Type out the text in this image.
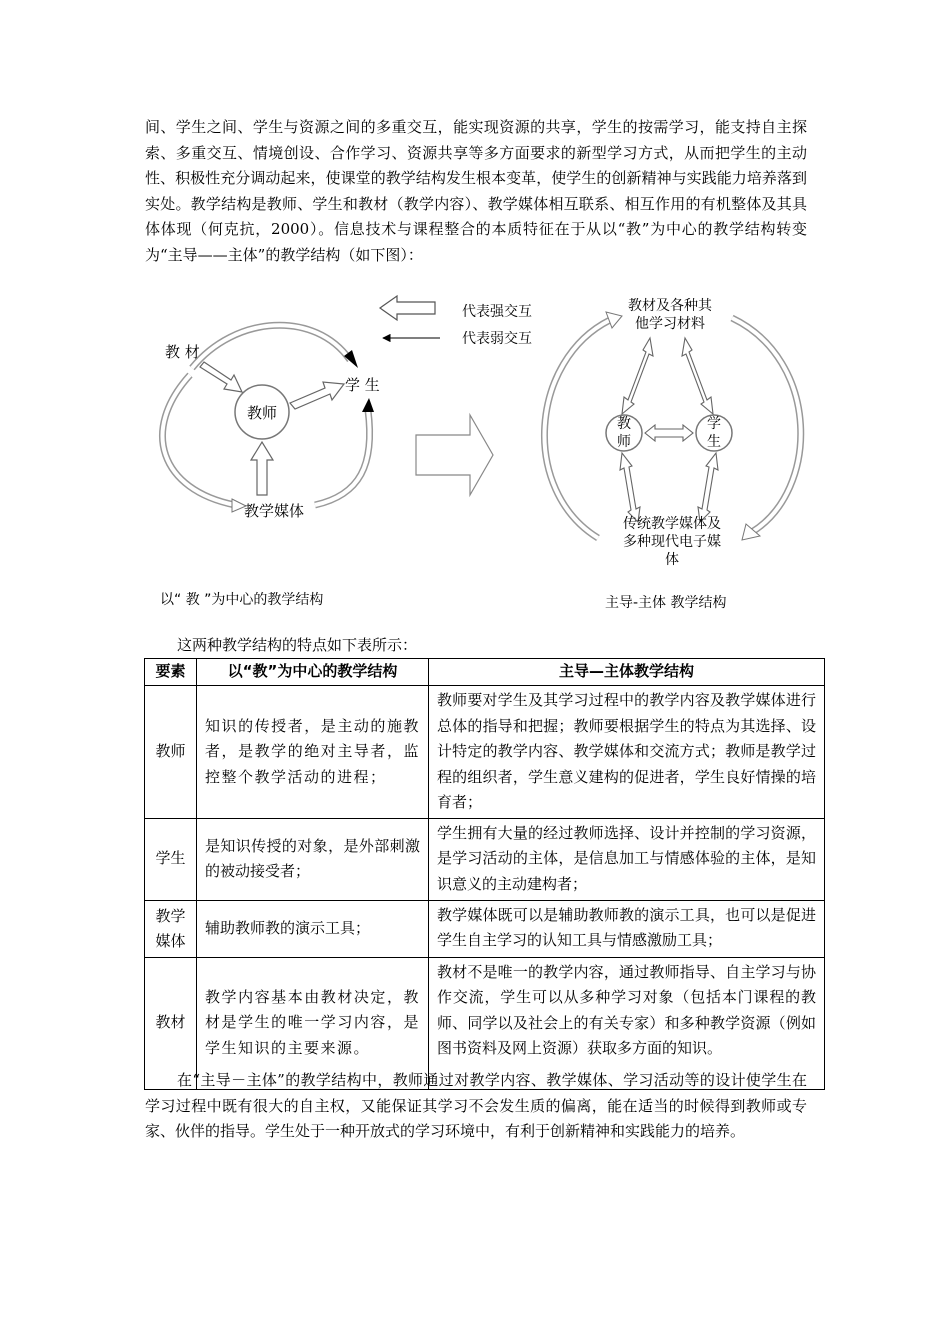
间、学生之间、学生与资源之间的多重交互，能实现资源的共享，学生的按需学习，能支持自主探索、多重交互、情境创设、合作学习、资源共享等多方面要求的新型学习方式，从而把学生的主动性、积极性充分调动起来，使课堂的教学结构发生根本变革，使学生的创新精神与实践能力培养落到实处。教学结构是教师、学生和教材（教学内容）、教学媒体相互联系、相互作用的有机整体及其具体体现（何克抗，2000）。信息技术与课程整合的本质特征在于从以“教”为中心的教学结构转变为“主导——主体”的教学结构（如下图）：

代表强交互
代表弱交互
教师
教 材
学 生
教学媒体
以“ 教 ”为中心的教学结构
教材及各种其
他学习材料
教
师
学
生
传统教学媒体及
多种现代电子媒
体
主导-主体 教学结构
这两种教学结构的特点如下表所示：
要素	以“教”为中心的教学结构	主导—主体教学结构
教师	知识的传授者，是主动的施教者，是教学的绝对主导者，监控整个教学活动的进程；	教师要对学生及其学习过程中的教学内容及教学媒体进行总体的指导和把握；教师要根据学生的特点为其选择、设计特定的教学内容、教学媒体和交流方式；教师是教学过程的组织者，学生意义建构的促进者，学生良好情操的培育者；
学生	是知识传授的对象，是外部刺激的被动接受者；	学生拥有大量的经过教师选择、设计并控制的学习资源，是学习活动的主体，是信息加工与情感体验的主体，是知识意义的主动建构者；
教学
媒体	辅助教师教的演示工具；	教学媒体既可以是辅助教师教的演示工具，也可以是促进学生自主学习的认知工具与情感激励工具；
教材	教学内容基本由教材决定，教材是学生的唯一学习内容，是学生知识的主要来源。	教材不是唯一的教学内容，通过教师指导、自主学习与协作交流，学生可以从多种学习对象（包括本门课程的教师、同学以及社会上的有关专家）和多种教学资源（例如图书资料及网上资源）获取多方面的知识。

在“主导－主体”的教学结构中，教师通过对教学内容、教学媒体、学习活动等的设计使学生在学习过程中既有很大的自主权，又能保证其学习不会发生质的偏离，能在适当的时候得到教师或专家、伙伴的指导。学生处于一种开放式的学习环境中，有利于创新精神和实践能力的培养。
